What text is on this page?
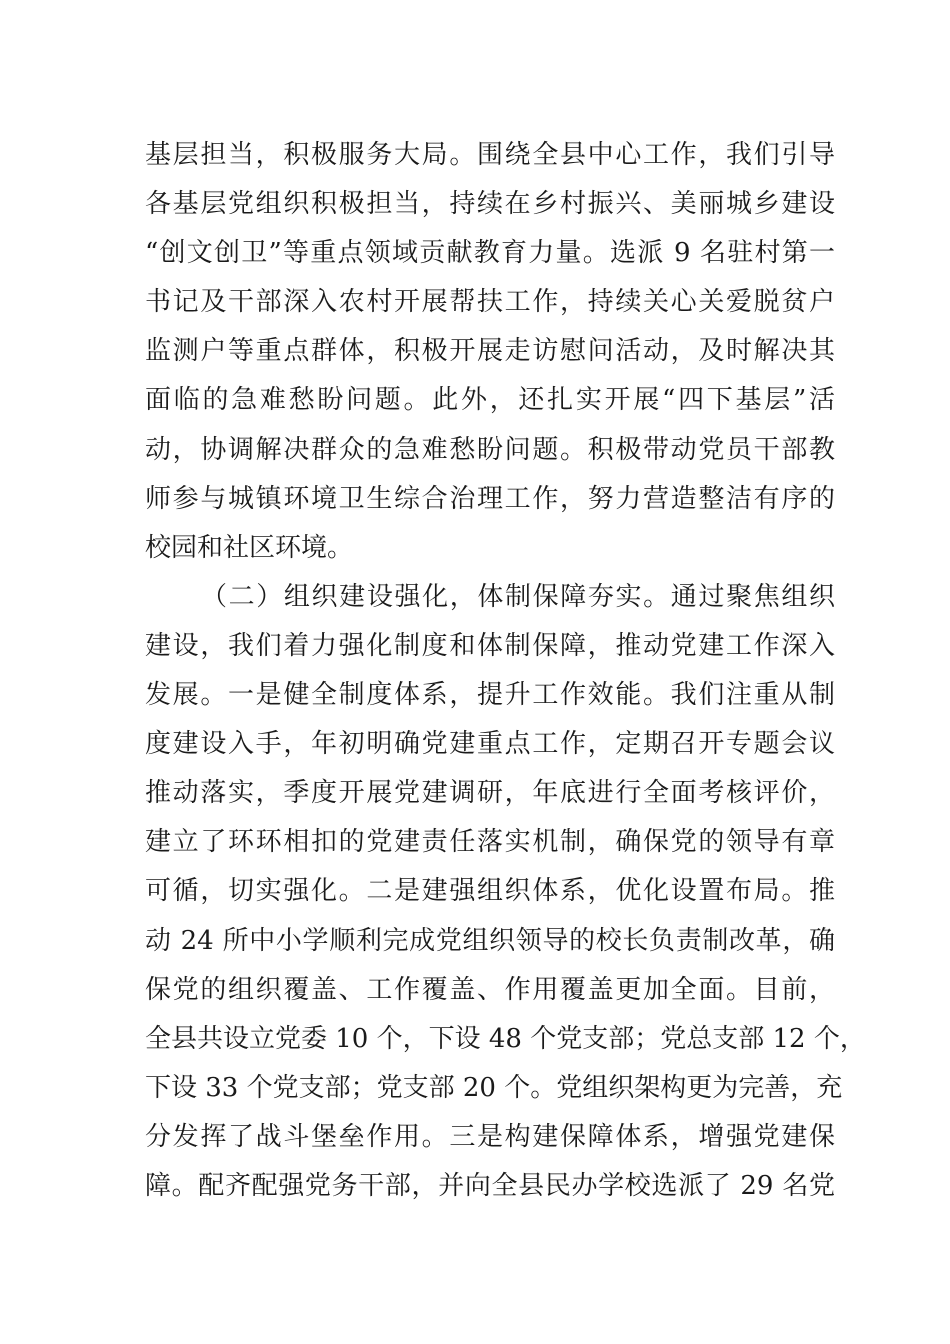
基层担当，积极服务大局。围绕全县中心工作，我们引导
各基层党组织积极担当，持续在乡村振兴、美丽城乡建设
“创文创卫”等重点领域贡献教育力量。选派 9 名驻村第一
书记及干部深入农村开展帮扶工作，持续关心关爱脱贫户
监测户等重点群体，积极开展走访慰问活动，及时解决其
面临的急难愁盼问题。此外，还扎实开展“四下基层”活
动，协调解决群众的急难愁盼问题。积极带动党员干部教
师参与城镇环境卫生综合治理工作，努力营造整洁有序的
校园和社区环境。
（二）组织建设强化，体制保障夯实。通过聚焦组织
建设，我们着力强化制度和体制保障，推动党建工作深入
发展。一是健全制度体系，提升工作效能。我们注重从制
度建设入手，年初明确党建重点工作，定期召开专题会议
推动落实，季度开展党建调研，年底进行全面考核评价，
建立了环环相扣的党建责任落实机制，确保党的领导有章
可循，切实强化。二是建强组织体系，优化设置布局。推
动 24 所中小学顺利完成党组织领导的校长负责制改革，确
保党的组织覆盖、工作覆盖、作用覆盖更加全面。目前，
全县共设立党委 10 个，下设 48 个党支部；党总支部 12 个，
下设 33 个党支部；党支部 20 个。党组织架构更为完善，充
分发挥了战斗堡垒作用。三是构建保障体系，增强党建保
障。配齐配强党务干部，并向全县民办学校选派了 29 名党
